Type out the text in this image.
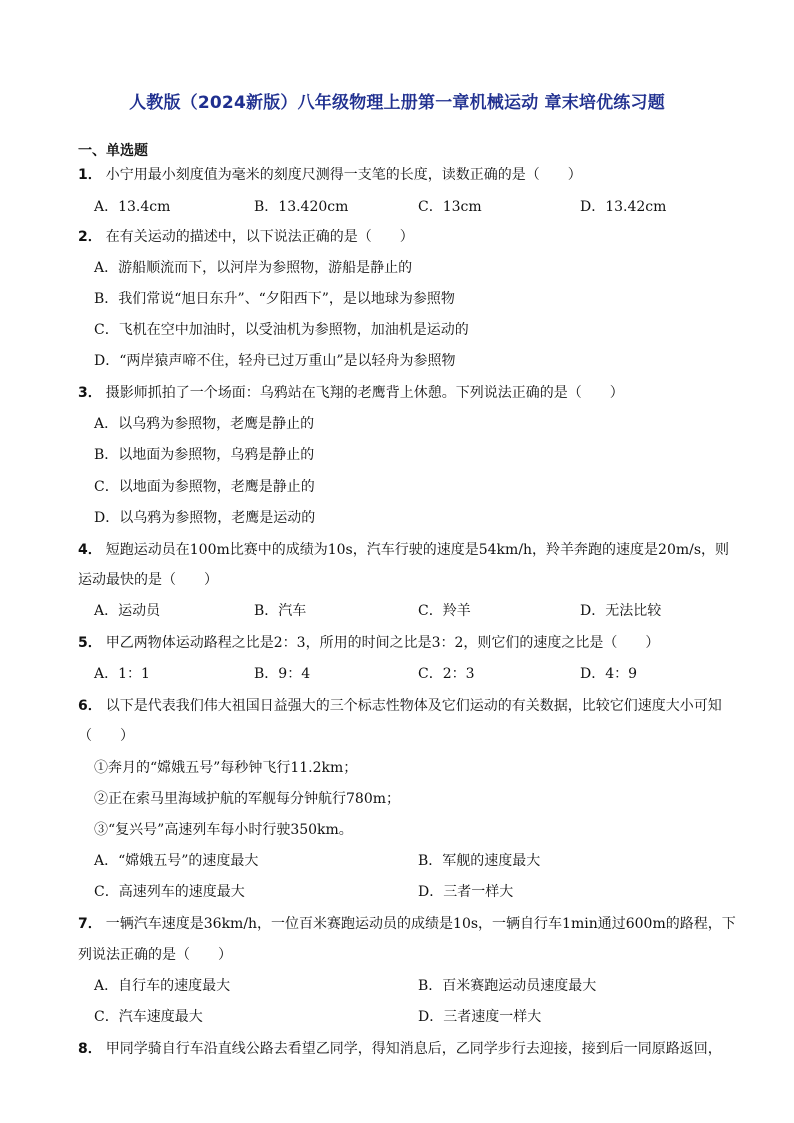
人教版（2024新版）八年级物理上册第一章机械运动 章末培优练习题
一、单选题
1． 小宁用最小刻度值为毫米的刻度尺测得一支笔的长度，读数正确的是（　　）
A．13.4cm	B．13.420cm	C．13cm	D．13.42cm
2． 在有关运动的描述中，以下说法正确的是（　　）
A．游船顺流而下，以河岸为参照物，游船是静止的
B．我们常说“旭日东升”、“夕阳西下”，是以地球为参照物
C．飞机在空中加油时，以受油机为参照物，加油机是运动的
D．“两岸猿声啼不住，轻舟已过万重山”是以轻舟为参照物
3． 摄影师抓拍了一个场面：乌鸦站在飞翔的老鹰背上休憩。下列说法正确的是（　　）
A．以乌鸦为参照物，老鹰是静止的
B．以地面为参照物，乌鸦是静止的
C．以地面为参照物，老鹰是静止的
D．以乌鸦为参照物，老鹰是运动的
4． 短跑运动员在100m比赛中的成绩为10s，汽车行驶的速度是54km/h，羚羊奔跑的速度是20m/s，则
运动最快的是（　　）
A．运动员	B．汽车	C．羚羊	D．无法比较
5． 甲乙两物体运动路程之比是2：3，所用的时间之比是3：2，则它们的速度之比是（　　）
A．1：1	B．9：4	C．2：3	D．4：9
6． 以下是代表我们伟大祖国日益强大的三个标志性物体及它们运动的有关数据，比较它们速度大小可知
（　　）
①奔月的“嫦娥五号”每秒钟飞行11.2km；
②正在索马里海域护航的军舰每分钟航行780m；
③“复兴号”高速列车每小时行驶350km。
A．“嫦娥五号”的速度最大	B．军舰的速度最大
C．高速列车的速度最大	D．三者一样大
7． 一辆汽车速度是36km/h，一位百米赛跑运动员的成绩是10s，一辆自行车1min通过600m的路程，下
列说法正确的是（　　）
A．自行车的速度最大	B．百米赛跑运动员速度最大
C．汽车速度最大	D．三者速度一样大
8． 甲同学骑自行车沿直线公路去看望乙同学，得知消息后，乙同学步行去迎接，接到后一同原路返回，
